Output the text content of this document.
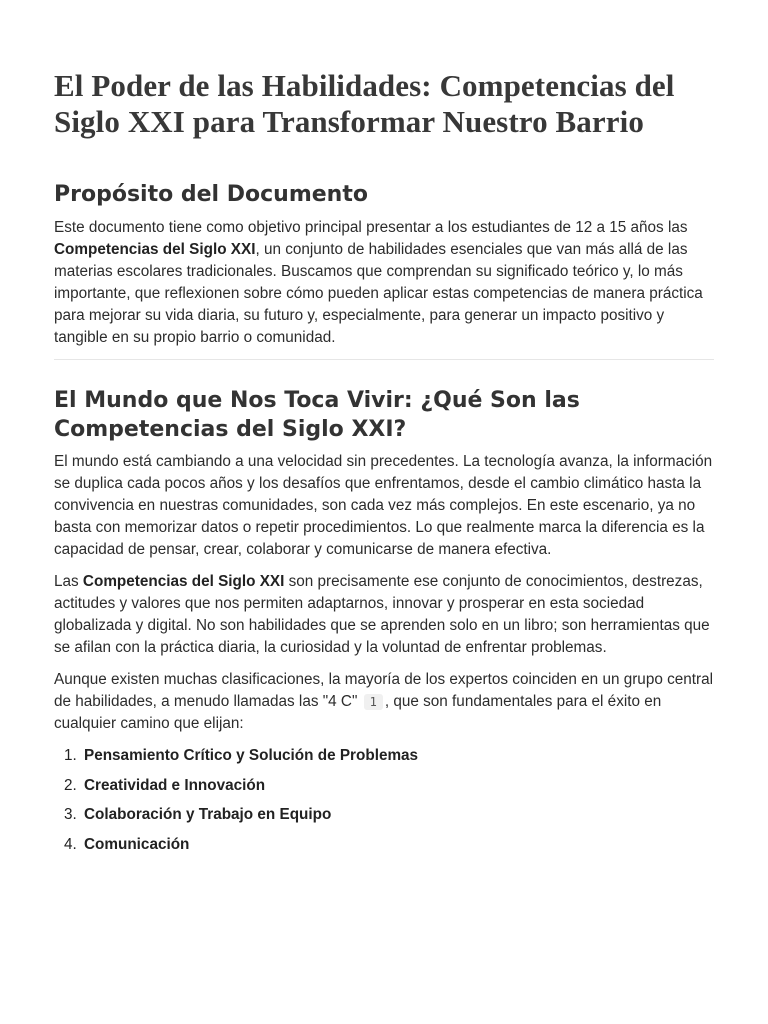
El Poder de las Habilidades: Competencias del Siglo XXI para Transformar Nuestro Barrio
Propósito del Documento

Este documento tiene como objetivo principal presentar a los estudiantes de 12 a 15 años las Competencias del Siglo XXI, un conjunto de habilidades esenciales que van más allá de las materias escolares tradicionales. Buscamos que comprendan su significado teórico y, lo más importante, que reflexionen sobre cómo pueden aplicar estas competencias de manera práctica para mejorar su vida diaria, su futuro y, especialmente, para generar un impacto positivo y tangible en su propio barrio o comunidad.

El Mundo que Nos Toca Vivir: ¿Qué Son las Competencias del Siglo XXI?

El mundo está cambiando a una velocidad sin precedentes. La tecnología avanza, la información se duplica cada pocos años y los desafíos que enfrentamos, desde el cambio climático hasta la convivencia en nuestras comunidades, son cada vez más complejos. En este escenario, ya no basta con memorizar datos o repetir procedimientos. Lo que realmente marca la diferencia es la capacidad de pensar, crear, colaborar y comunicarse de manera efectiva.

Las Competencias del Siglo XXI son precisamente ese conjunto de conocimientos, destrezas, actitudes y valores que nos permiten adaptarnos, innovar y prosperar en esta sociedad globalizada y digital. No son habilidades que se aprenden solo en un libro; son herramientas que se afilan con la práctica diaria, la curiosidad y la voluntad de enfrentar problemas.

Aunque existen muchas clasificaciones, la mayoría de los expertos coinciden en un grupo central de habilidades, a menudo llamadas las "4 C" 1 , que son fundamentales para el éxito en cualquier camino que elijan:

1. Pensamiento Crítico y Solución de Problemas
2. Creatividad e Innovación
3. Colaboración y Trabajo en Equipo
4. Comunicación
